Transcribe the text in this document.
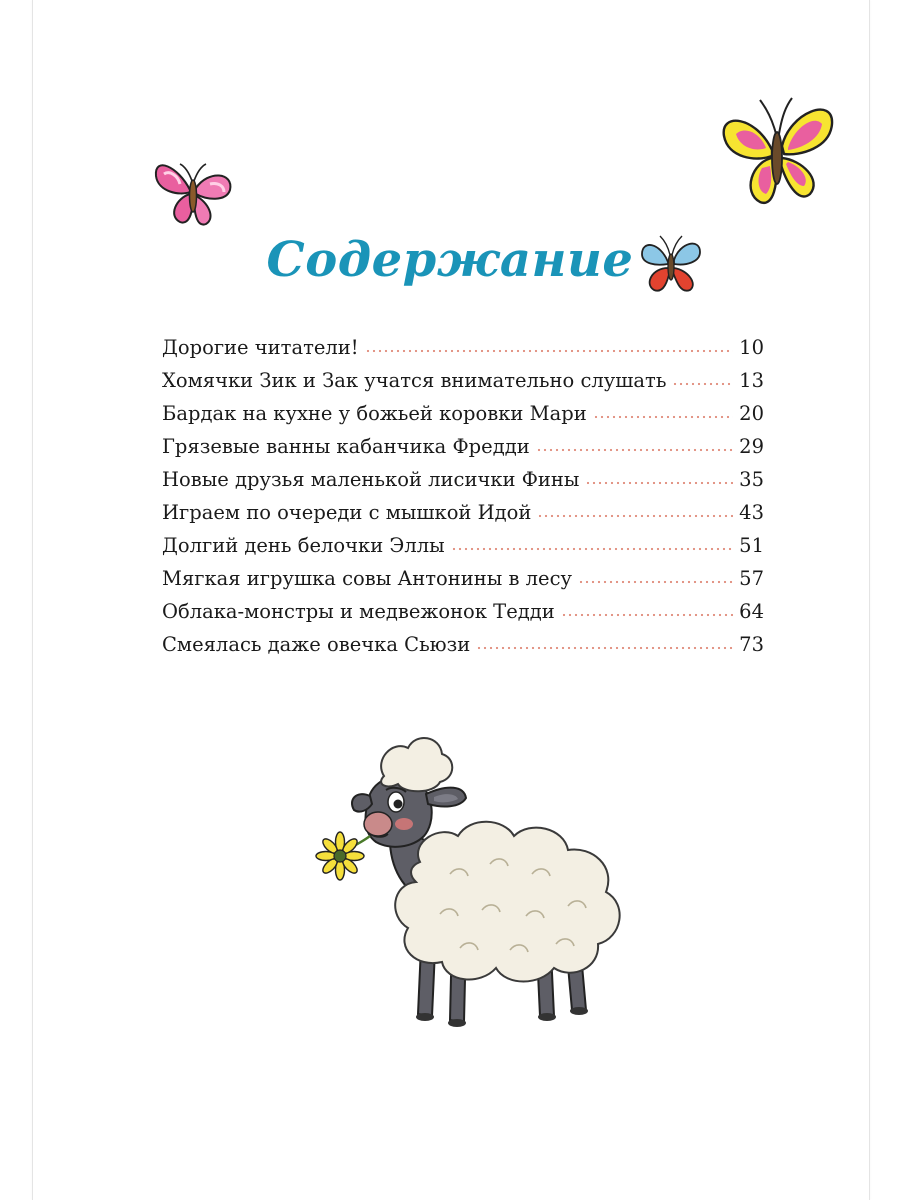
Содержание
Дорогие читатели!	10
Хомячки Зик и Зак учатся внимательно слушать	13
Бардак на кухне у божьей коровки Мари	20
Грязевые ванны кабанчика Фредди	29
Новые друзья маленькой лисички Фины	35
Играем по очереди с мышкой Идой	43
Долгий день белочки Эллы	51
Мягкая игрушка совы Антонины в лесу	57
Облака-монстры и медвежонок Тедди	64
Смеялась даже овечка Сьюзи	73
